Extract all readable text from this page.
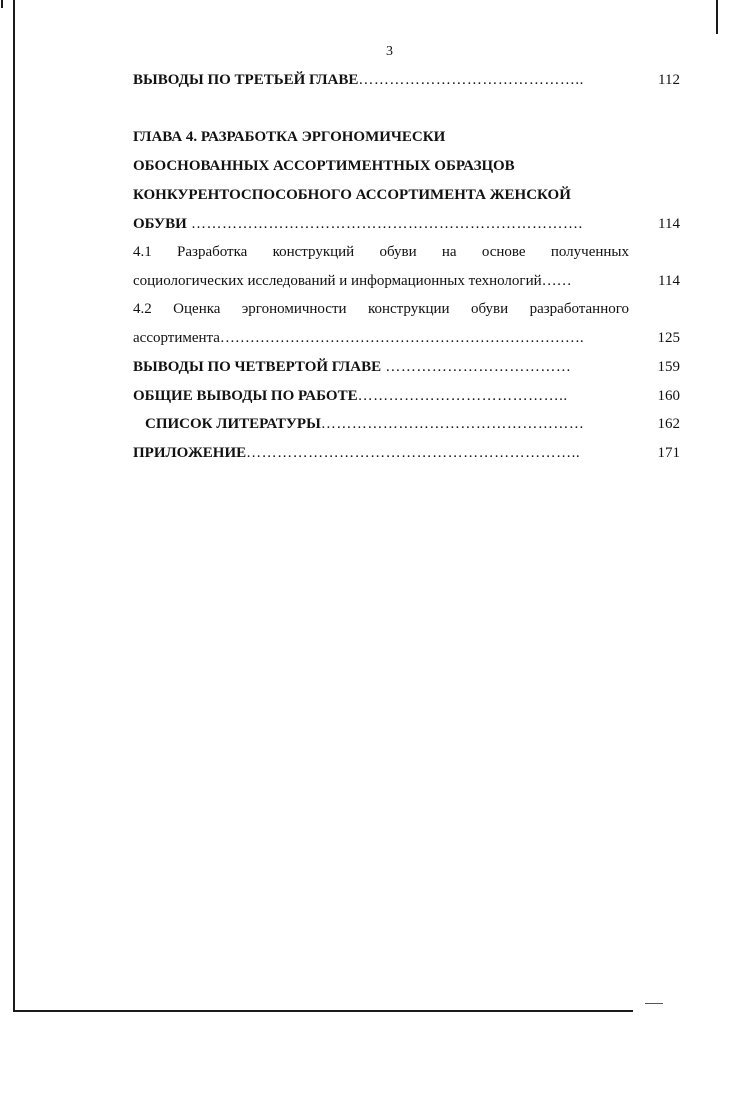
3
ВЫВОДЫ ПО ТРЕТЬЕЙ ГЛАВЕ……………………………………..	112
ГЛАВА 4. РАЗРАБОТКА ЭРГОНОМИЧЕСКИ
ОБОСНОВАННЫХ АССОРТИМЕНТНЫХ ОБРАЗЦОВ
КОНКУРЕНТОСПОСОБНОГО АССОРТИМЕНТА ЖЕНСКОЙ
ОБУВИ ………………………………………………………………….	114
4.1 Разработка конструкций обуви на основе полученных
социологических исследований и информационных технологий……	114
4.2 Оценка эргономичности конструкции обуви разработанного
ассортимента……………………………………………………………….	125
ВЫВОДЫ ПО ЧЕТВЕРТОЙ ГЛАВЕ ………………………………	159
ОБЩИЕ ВЫВОДЫ ПО РАБОТЕ…………………………………..	160
СПИСОК ЛИТЕРАТУРЫ……………………………………………	162
ПРИЛОЖЕНИЕ………………………………………………………..	171
